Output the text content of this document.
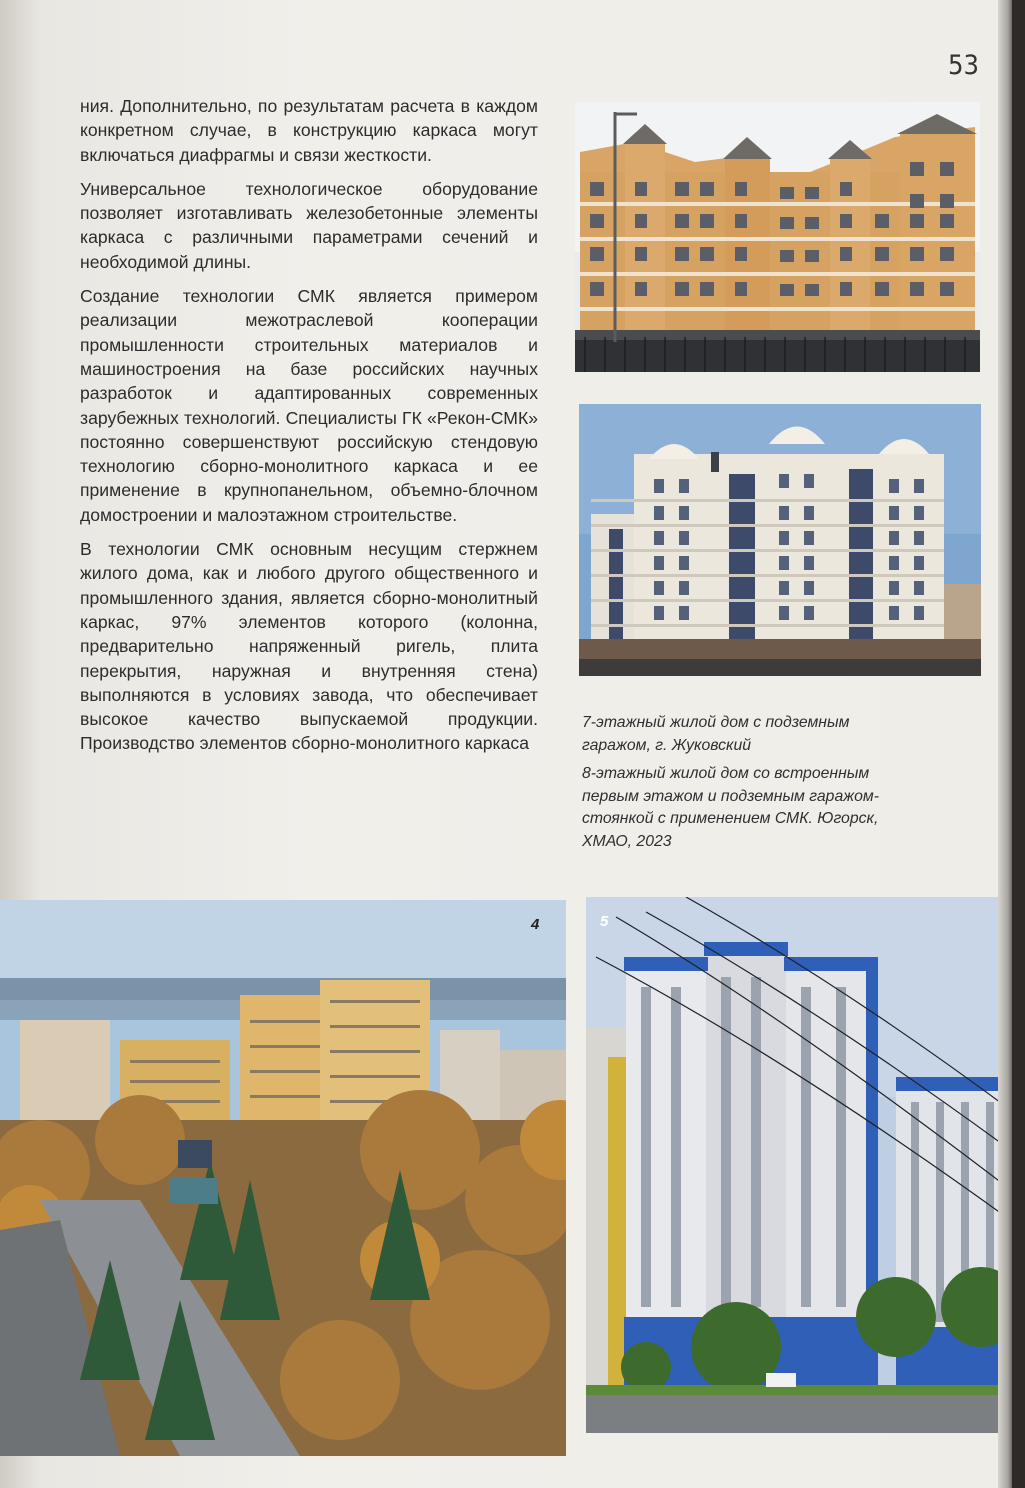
53

ния. Дополнительно, по результатам расчета в каждом конкретном случае, в конструкцию каркаса могут включаться диафрагмы и связи жесткости.

Универсальное технологическое оборудование позволяет изготавливать железобетонные элементы каркаса с различными параметрами сечений и необходимой длины.

Создание технологии СМК является примером реализации межотраслевой кооперации промышленности строительных материалов и машиностроения на базе российских научных разработок и адаптированных современных зарубежных технологий. Специалисты ГК «Рекон-СМК» постоянно совершенствуют российскую стендовую технологию сборно-монолитного каркаса и ее применение в крупнопанельном, объемно-блочном домостроении и малоэтажном строительстве.

В технологии СМК основным несущим стержнем жилого дома, как и любого другого общественного и промышленного здания, является сборно-монолитный каркас, 97% элементов которого (колонна, предварительно напряженный ригель, плита перекрытия, наружная и внутренняя стена) выполняются в условиях завода, что обеспечивает высокое качество выпускаемой продукции. Производство элементов сборно-монолитного каркаса

7-этажный жилой дом с подземным гаражом, г. Жуковский

8-этажный жилой дом со встроенным первым этажом и подземным гаражом-стоянкой с применением СМК. Югорск, ХМАО, 2023

4	5
